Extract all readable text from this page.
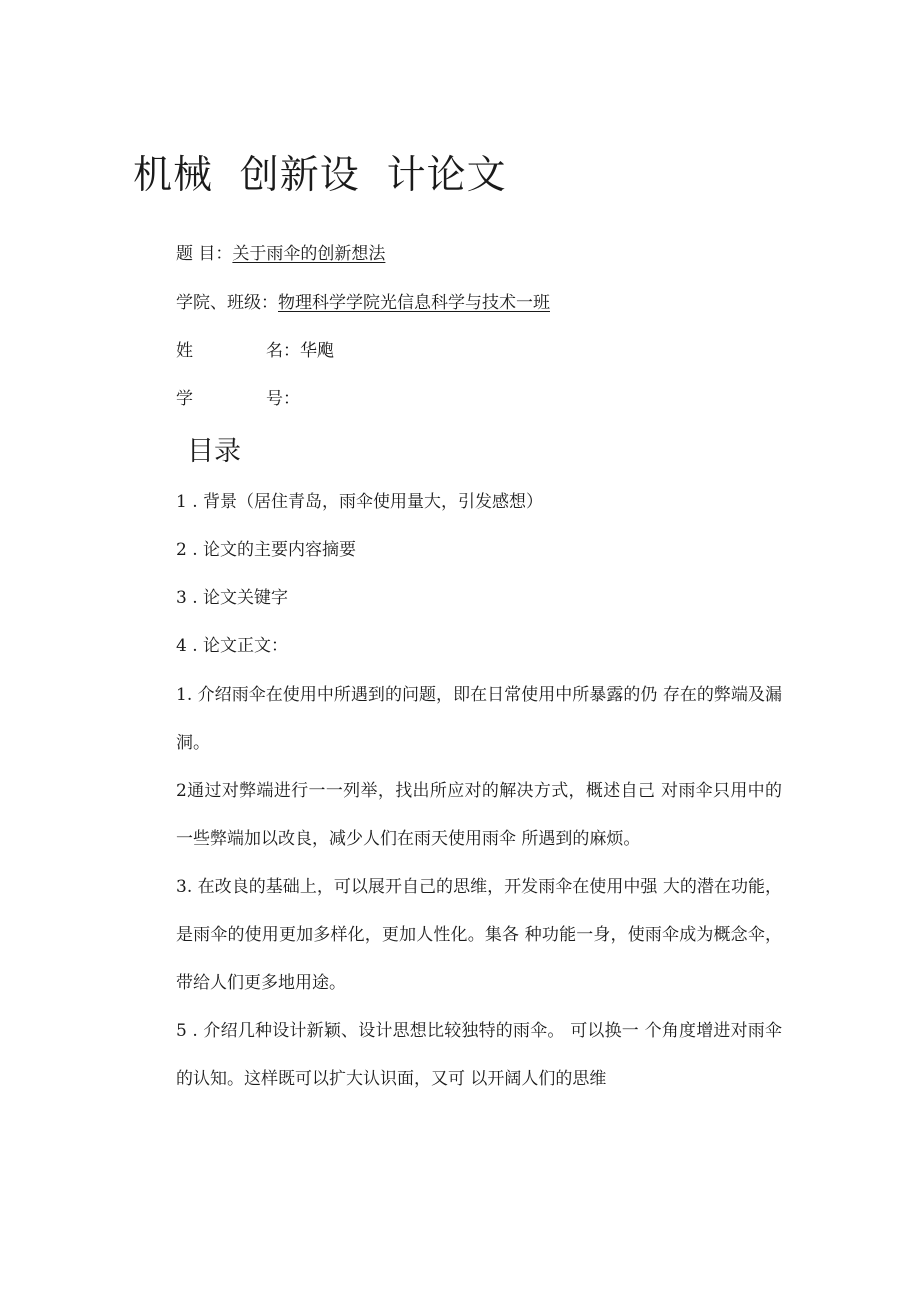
机械  创新设  计论文
题 目：关于雨伞的创新想法
学院、班级：物理科学学院光信息科学与技术一班
姓	名：华飑
学	号：
目录
1 . 背景（居住青岛，雨伞使用量大，引发感想）
2 . 论文的主要内容摘要
3 . 论文关键字
4 . 论文正文：

1. 介绍雨伞在使用中所遇到的问题，即在日常使用中所暴露的仍 存在的弊端及漏洞。

2通过对弊端进行一一列举，找出所应对的解决方式，概述自己 对雨伞只用中的一些弊端加以改良，减少人们在雨天使用雨伞 所遇到的麻烦。

3. 在改良的基础上，可以展开自己的思维，开发雨伞在使用中强 大的潜在功能，是雨伞的使用更加多样化，更加人性化。集各 种功能一身，使雨伞成为概念伞，带给人们更多地用途。

5 . 介绍几种设计新颖、设计思想比较独特的雨伞。 可以换一 个角度增进对雨伞的认知。这样既可以扩大认识面，又可 以开阔人们的思维
